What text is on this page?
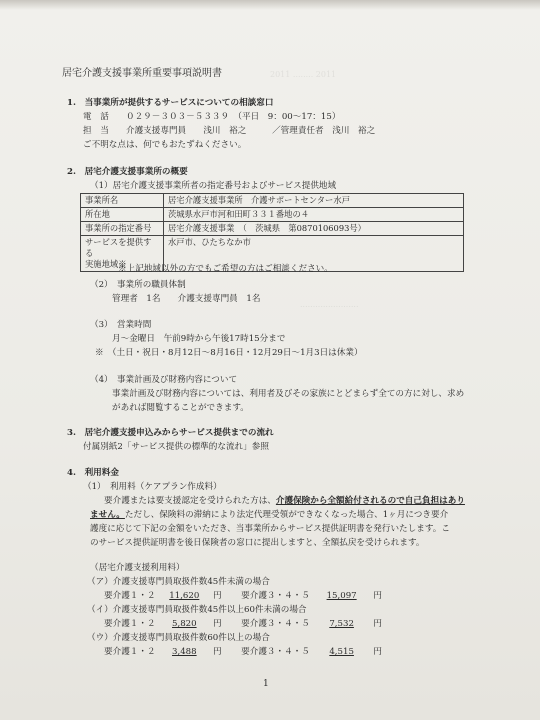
2011 ........ 2011
.......................
居宅介護支援事業所重要事項説明書
1.　当事業所が提供するサービスについての相談窓口
電　話　　０２９－３０３－５３３９　（平日　9：00～17：15）
担　当　　介護支援専門員　　浅川　裕之　　　／管理責任者　浅川　裕之
ご不明な点は、何でもおたずねください。
2.　居宅介護支援事業所の概要
（1）居宅介護支援事業所者の指定番号およびサービス提供地域
事業所名	居宅介護支援事業所　介護サポートセンター水戸
所在地	茨城県水戸市河和田町３３１番地の４
事業所の指定番号	居宅介護支援事業　（　茨城県　第0870106093号）
サービスを提供する
実施地域※	水戸市、ひたちなか市
※上記地域以外の方でもご希望の方はご相談ください。
（2）　事業所の職員体制
管理者　1名　　介護支援専門員　1名
（3）　営業時間
月～金曜日　午前9時から午後17時15分まで
※　（土日・祝日・8月12日～8月16日・12月29日～1月3日は休業）
（4）　事業計画及び財務内容について
事業計画及び財務内容については、利用者及びその家族にとどまらず全ての方に対し、求め
があれば閲覧することができます。
3.　居宅介護支援申込みからサービス提供までの流れ
付属別紙2「サービス提供の標準的な流れ」参照
4.　利用料金
（1）　利用料（ケアプラン作成料）
要介護または要支援認定を受けられた方は、介護保険から全額給付されるので自己負担はあり
ません。ただし、保険料の滞納により法定代理受領ができなくなった場合、1ヶ月につき要介
護度に応じて下記の金額をいただき、当事業所からサービス提供証明書を発行いたします。こ
のサービス提供証明書を後日保険者の窓口に提出しますと、全額払戻を受けられます。
（居宅介護支援利用料）
（ア）介護支援専門員取扱件数45件未満の場合
要介護１・２ 11,620 円 要介護３・４・５ 15,097 円
（イ）介護支援専門員取扱件数45件以上60件未満の場合
要介護１・２ 5,820 円 要介護３・４・５ 7,532 円
（ウ）介護支援専門員取扱件数60件以上の場合
要介護１・２ 3,488 円 要介護３・４・５ 4,515 円
1
